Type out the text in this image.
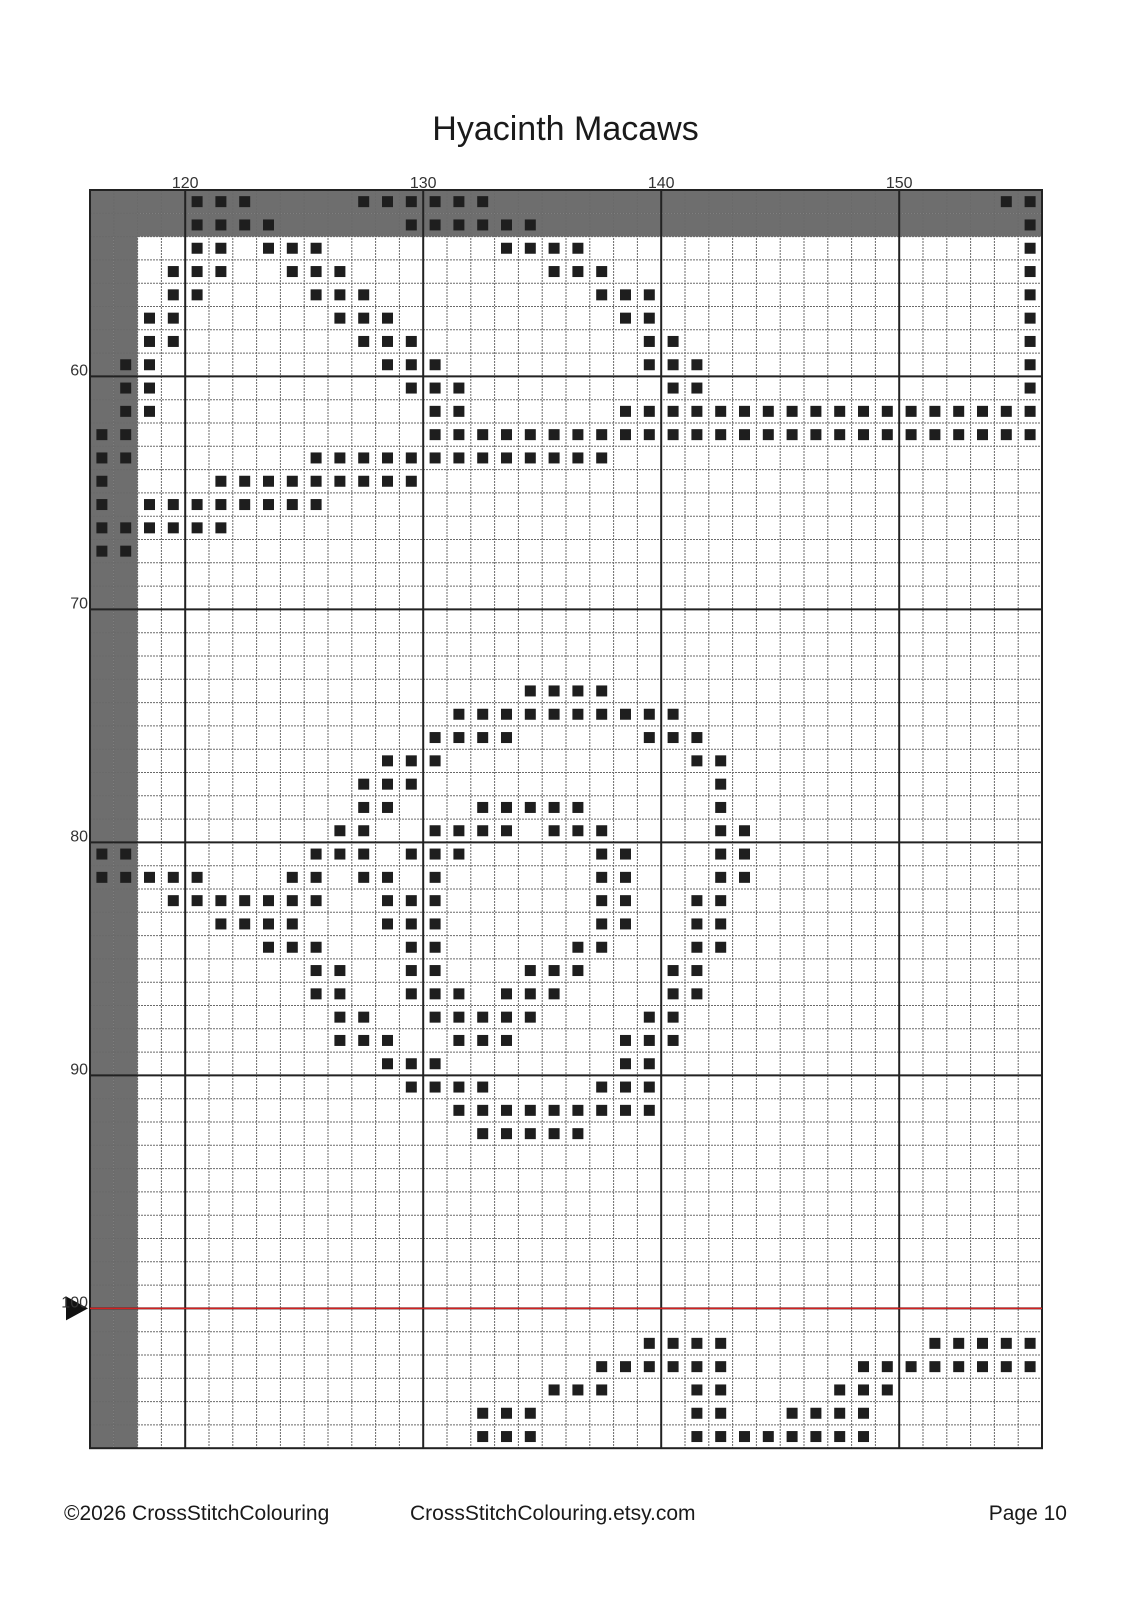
Hyacinth Macaws
120	130	140	150
60
70
80
90
100
©2026 CrossStitchColouring	CrossStitchColouring.etsy.com	Page 10
